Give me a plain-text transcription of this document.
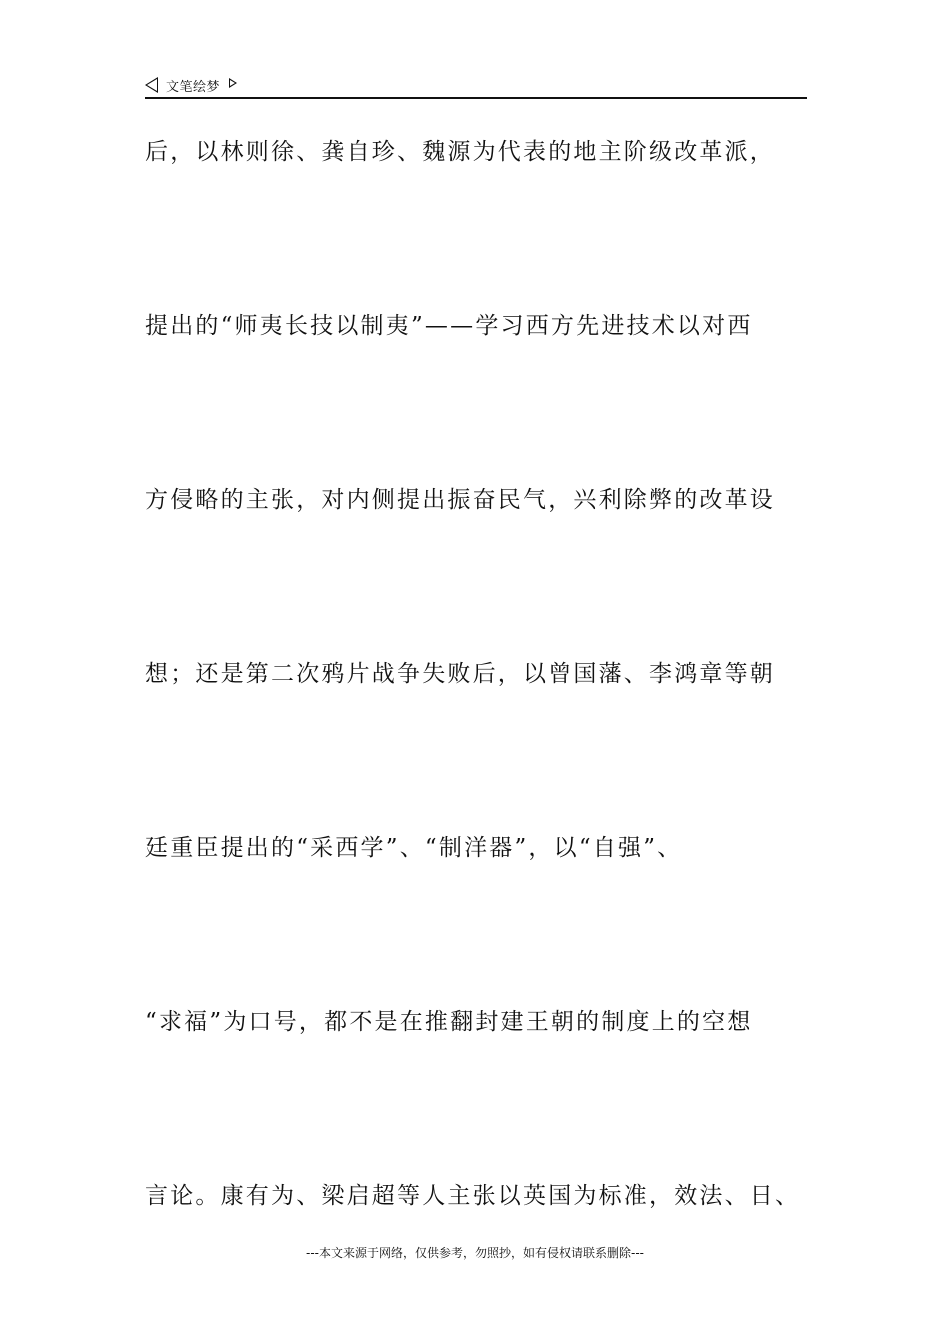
文笔绘梦
后，以林则徐、龚自珍、魏源为代表的地主阶级改革派，
提出的“师夷长技以制夷”——学习西方先进技术以对西
方侵略的主张，对内侧提出振奋民气，兴利除弊的改革设
想；还是第二次鸦片战争失败后，以曾国藩、李鸿章等朝
廷重臣提出的“采西学”、“制洋器”，以“自强”、
“求福”为口号，都不是在推翻封建王朝的制度上的空想
言论。康有为、梁启超等人主张以英国为标准，效法、日、
---本文来源于网络，仅供参考，勿照抄，如有侵权请联系删除---
